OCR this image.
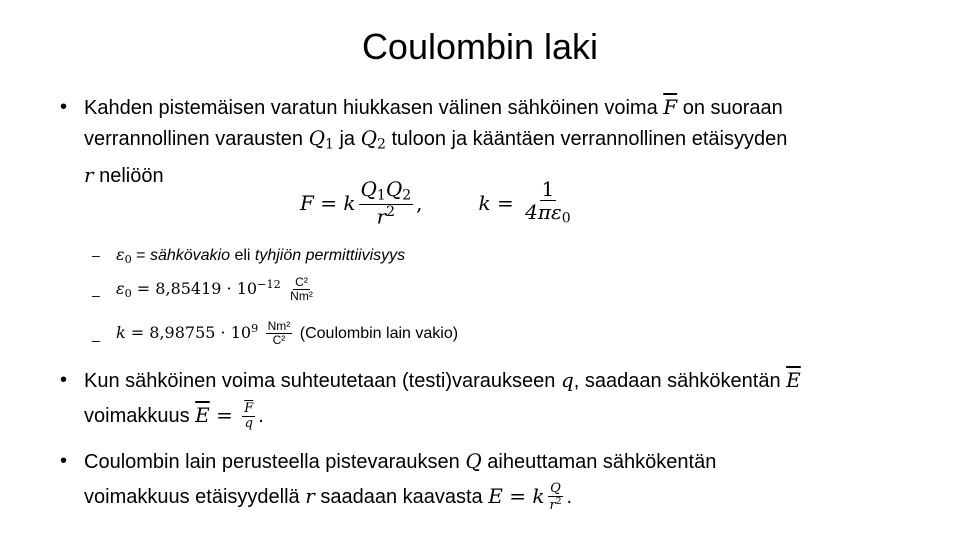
Coulombin laki
• Kahden pistemäisen varatun hiukkasen välinen sähköinen voima $\overline{F}$ on suoraan
verrannollinen varausten $Q_1$ ja $Q_2$ tuloon ja kääntäen verrannollinen etäisyyden
r neliöön
F = k $\frac{Q_1Q_2}{r^2}$ ,	$k = \frac{1}{4\pi\varepsilon_0}$
– $\varepsilon_0$ = sähkövakio eli tyhjiön permittiivisyys
– $\varepsilon_0 = 8,85419 \cdot 10^{-12} \frac{\text{C²}}{\text{Nm²}}$
– $k = 8,98755 \cdot 10^9 \frac{\text{Nm²}}{\text{C²}}$ (Coulombin lain vakio)
• Kun sähköinen voima suhteutetaan (testi)varaukseen q, saadaan sähkökentän $\overline{E}$
voimakkuus $\overline{E} = \frac{\overline{F}}{q}$ .
• Coulombin lain perusteella pistevarauksen Q aiheuttaman sähkökentän
voimakkuus etäisyydellä r saadaan kaavasta E = k $\frac{Q}{r^2}$ .
